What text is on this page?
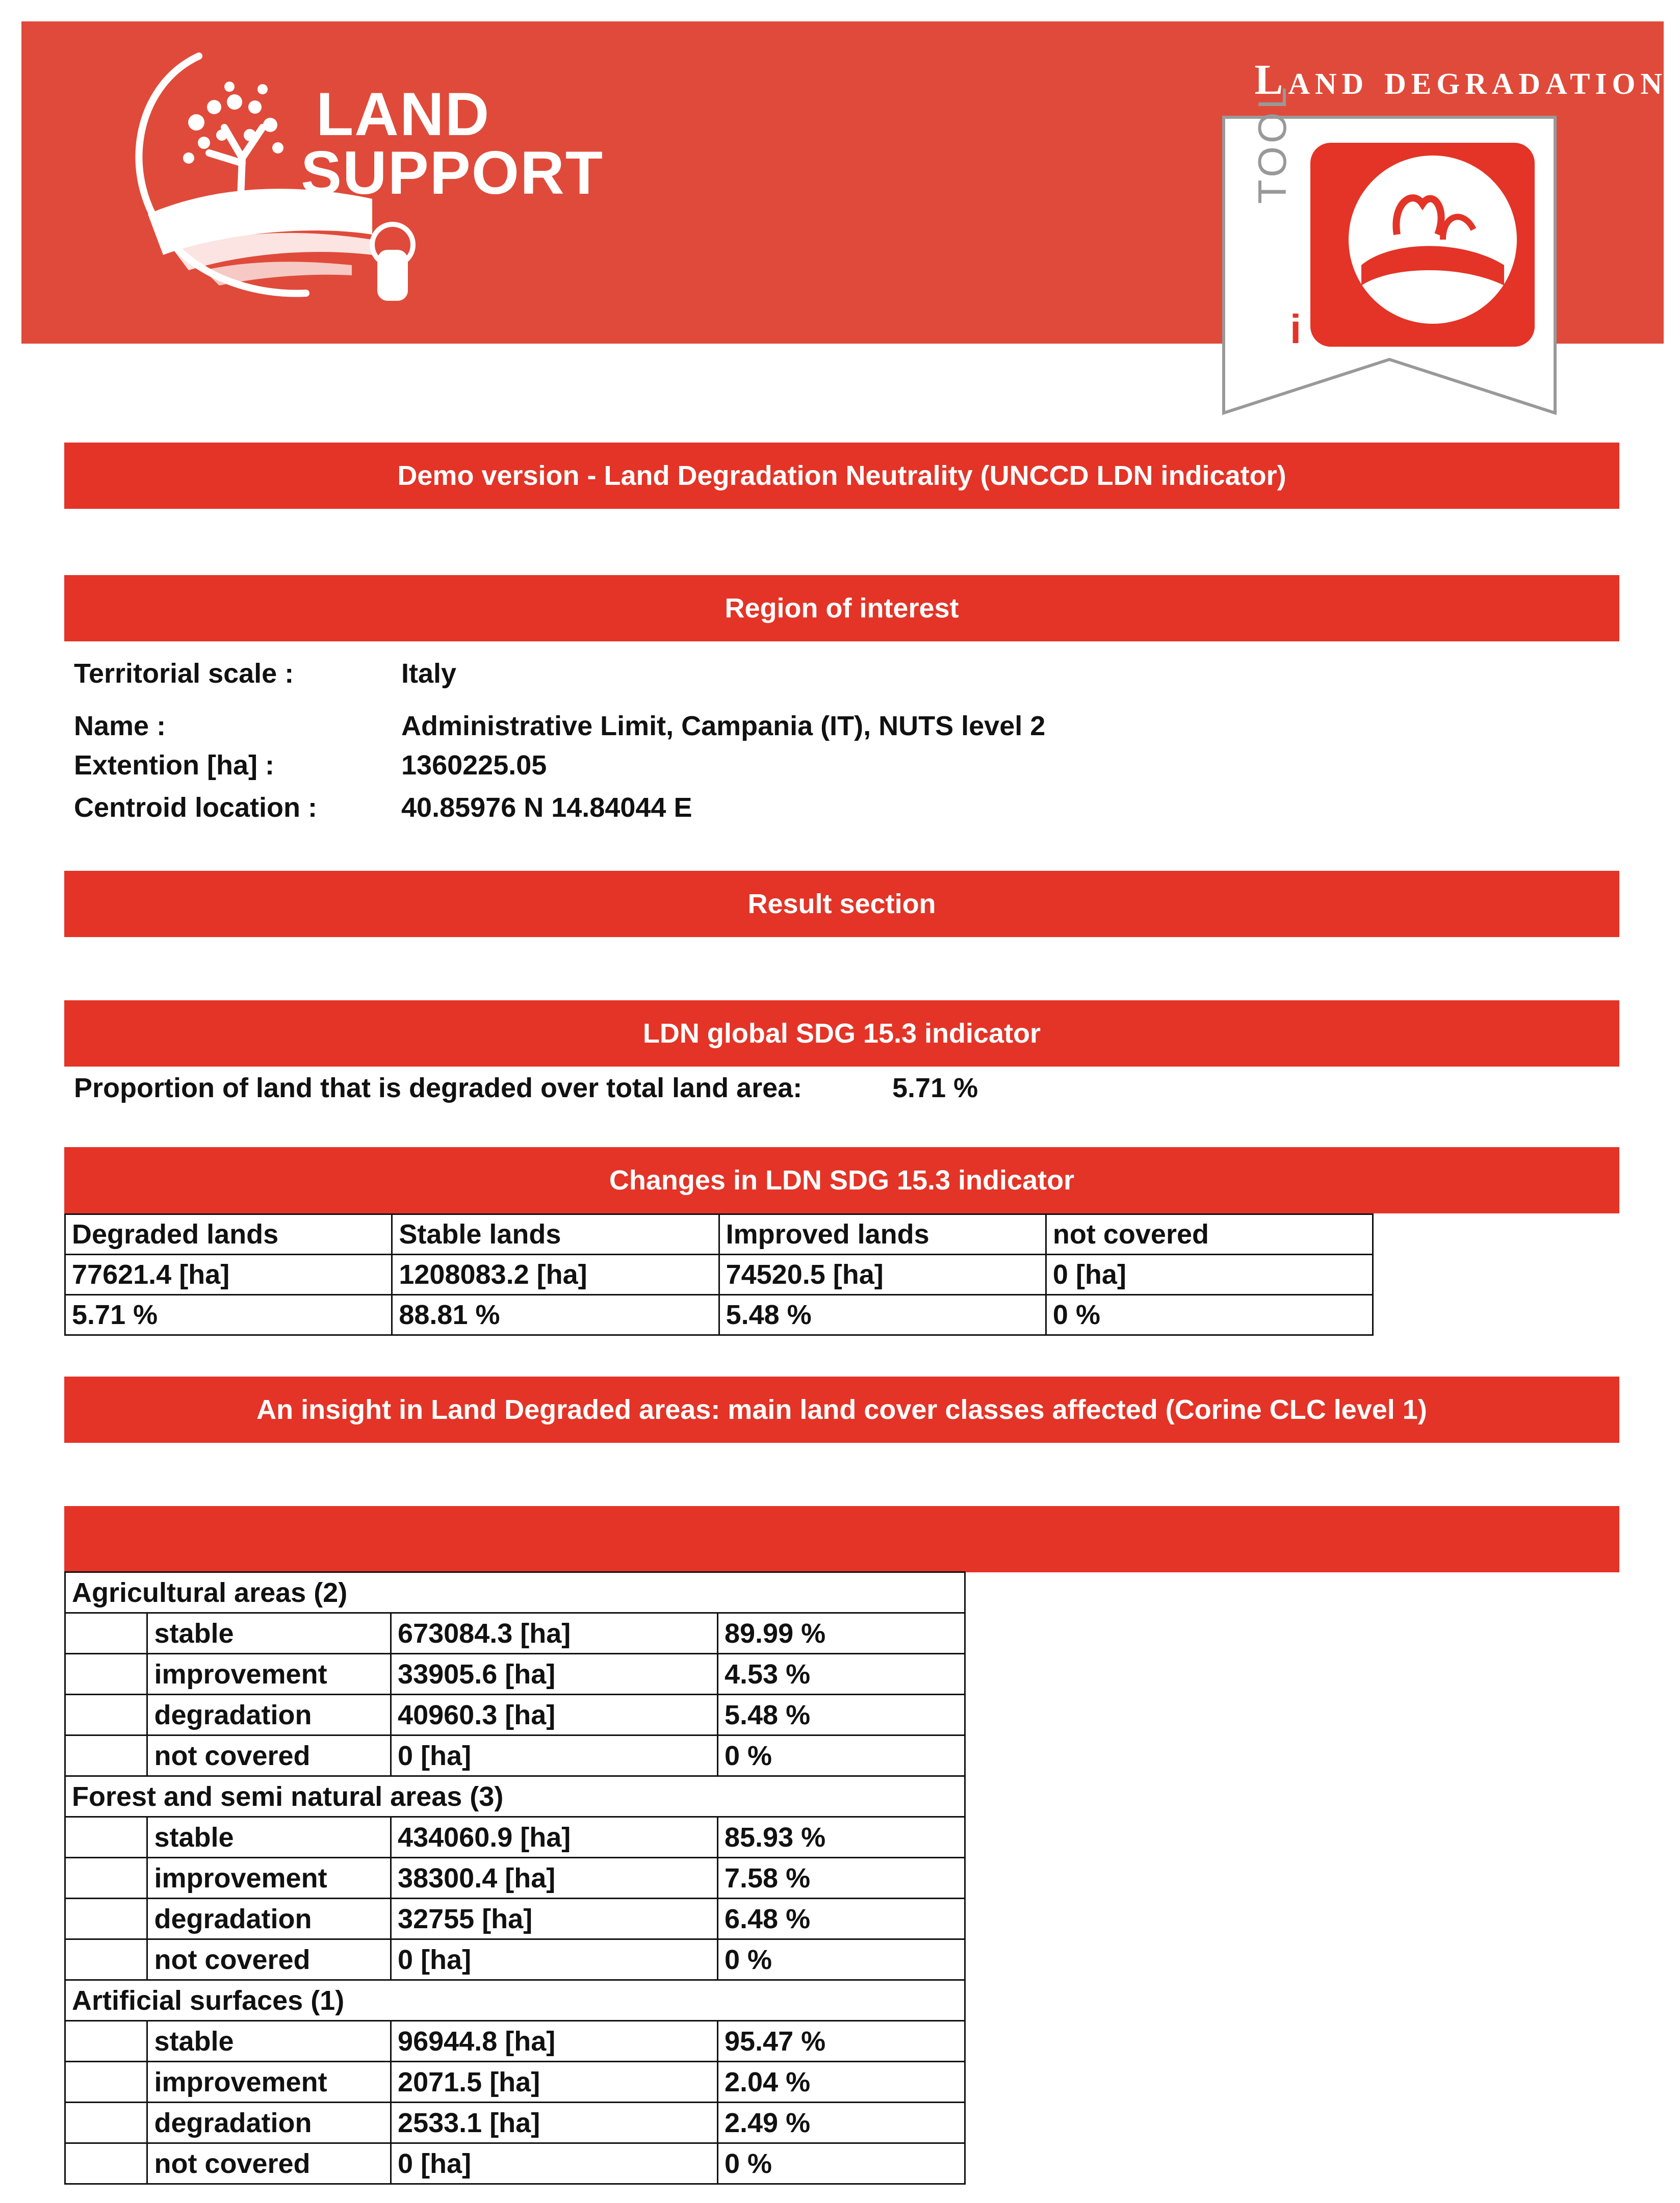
LAND
SUPPORT
Land degradation
TOOL
i
Demo version - Land Degradation Neutrality (UNCCD LDN indicator)
Region of interest
Territorial scale :	Italy
Name :	Administrative Limit, Campania (IT), NUTS level 2
Extention [ha] :	1360225.05
Centroid location :	40.85976 N 14.84044 E
Result section
LDN global SDG 15.3 indicator
Proportion of land that is degraded over total land area:	5.71 %
Changes in LDN SDG 15.3 indicator
Degraded lands	Stable lands	Improved lands	not covered
77621.4 [ha]	1208083.2 [ha]	74520.5 [ha]	0 [ha]
5.71 %	88.81 %	5.48 %	0 %
An insight in Land Degraded areas: main land cover classes affected (Corine CLC level 1)
Agricultural areas (2)			
	stable	673084.3 [ha]	89.99 %
	improvement	33905.6 [ha]	4.53 %
	degradation	40960.3 [ha]	5.48 %
	not covered	0 [ha]	0 %
Forest and semi natural areas (3)			
	stable	434060.9 [ha]	85.93 %
	improvement	38300.4 [ha]	7.58 %
	degradation	32755 [ha]	6.48 %
	not covered	0 [ha]	0 %
Artificial surfaces (1)			
	stable	96944.8 [ha]	95.47 %
	improvement	2071.5 [ha]	2.04 %
	degradation	2533.1 [ha]	2.49 %
	not covered	0 [ha]	0 %
